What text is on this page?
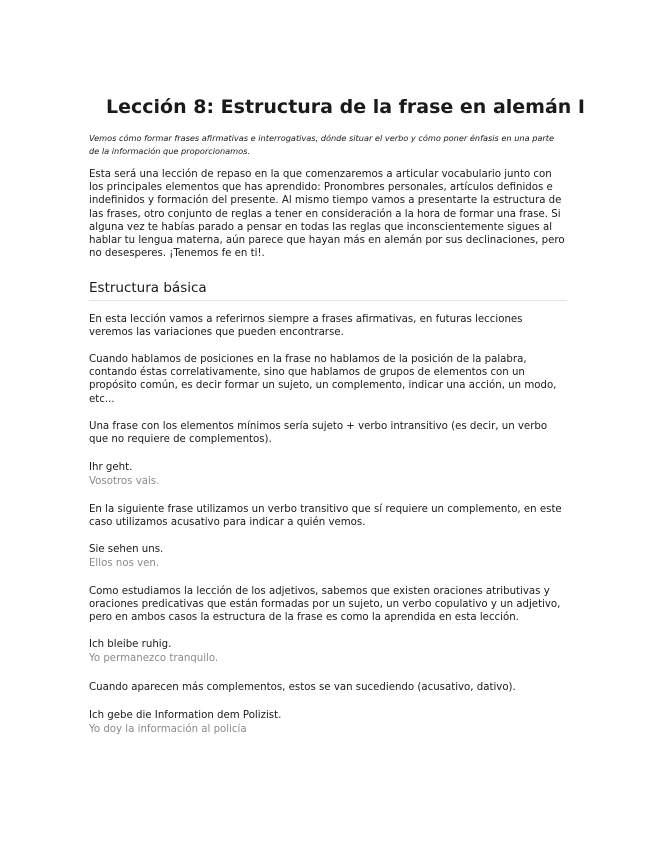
Lección 8: Estructura de la frase en alemán I

Vemos cómo formar frases afirmativas e interrogativas, dónde situar el verbo y cómo poner énfasis en una parte de la información que proporcionamos.

Esta será una lección de repaso en la que comenzaremos a articular vocabulario junto con los principales elementos que has aprendido: Pronombres personales, artículos definidos e indefinidos y formación del presente. Al mismo tiempo vamos a presentarte la estructura de las frases, otro conjunto de reglas a tener en consideración a la hora de formar una frase. Si alguna vez te habías parado a pensar en todas las reglas que inconscientemente sigues al hablar tu lengua materna, aún parece que hayan más en alemán por sus declinaciones, pero no desesperes. ¡Tenemos fe en ti!.

Estructura básica

En esta lección vamos a referirnos siempre a frases afirmativas, en futuras lecciones veremos las variaciones que pueden encontrarse.

Cuando hablamos de posiciones en la frase no hablamos de la posición de la palabra, contando éstas correlativamente, sino que hablamos de grupos de elementos con un propósito común, es decir formar un sujeto, un complemento, indicar una acción, un modo, etc...

Una frase con los elementos mínimos sería sujeto + verbo intransitivo (es decir, un verbo que no requiere de complementos).

Ihr geht.

Vosotros vais.

En la siguiente frase utilizamos un verbo transitivo que sí requiere un complemento, en este caso utilizamos acusativo para indicar a quién vemos.

Sie sehen uns.

Ellos nos ven.

Como estudiamos la lección de los adjetivos, sabemos que existen oraciones atributivas y oraciones predicativas que están formadas por un sujeto, un verbo copulativo y un adjetivo, pero en ambos casos la estructura de la frase es como la aprendida en esta lección.

Ich bleibe ruhig.

Yo permanezco tranquilo.

Cuando aparecen más complementos, estos se van sucediendo (acusativo, dativo).

Ich gebe die Information dem Polizist.

Yo doy la información al policía
